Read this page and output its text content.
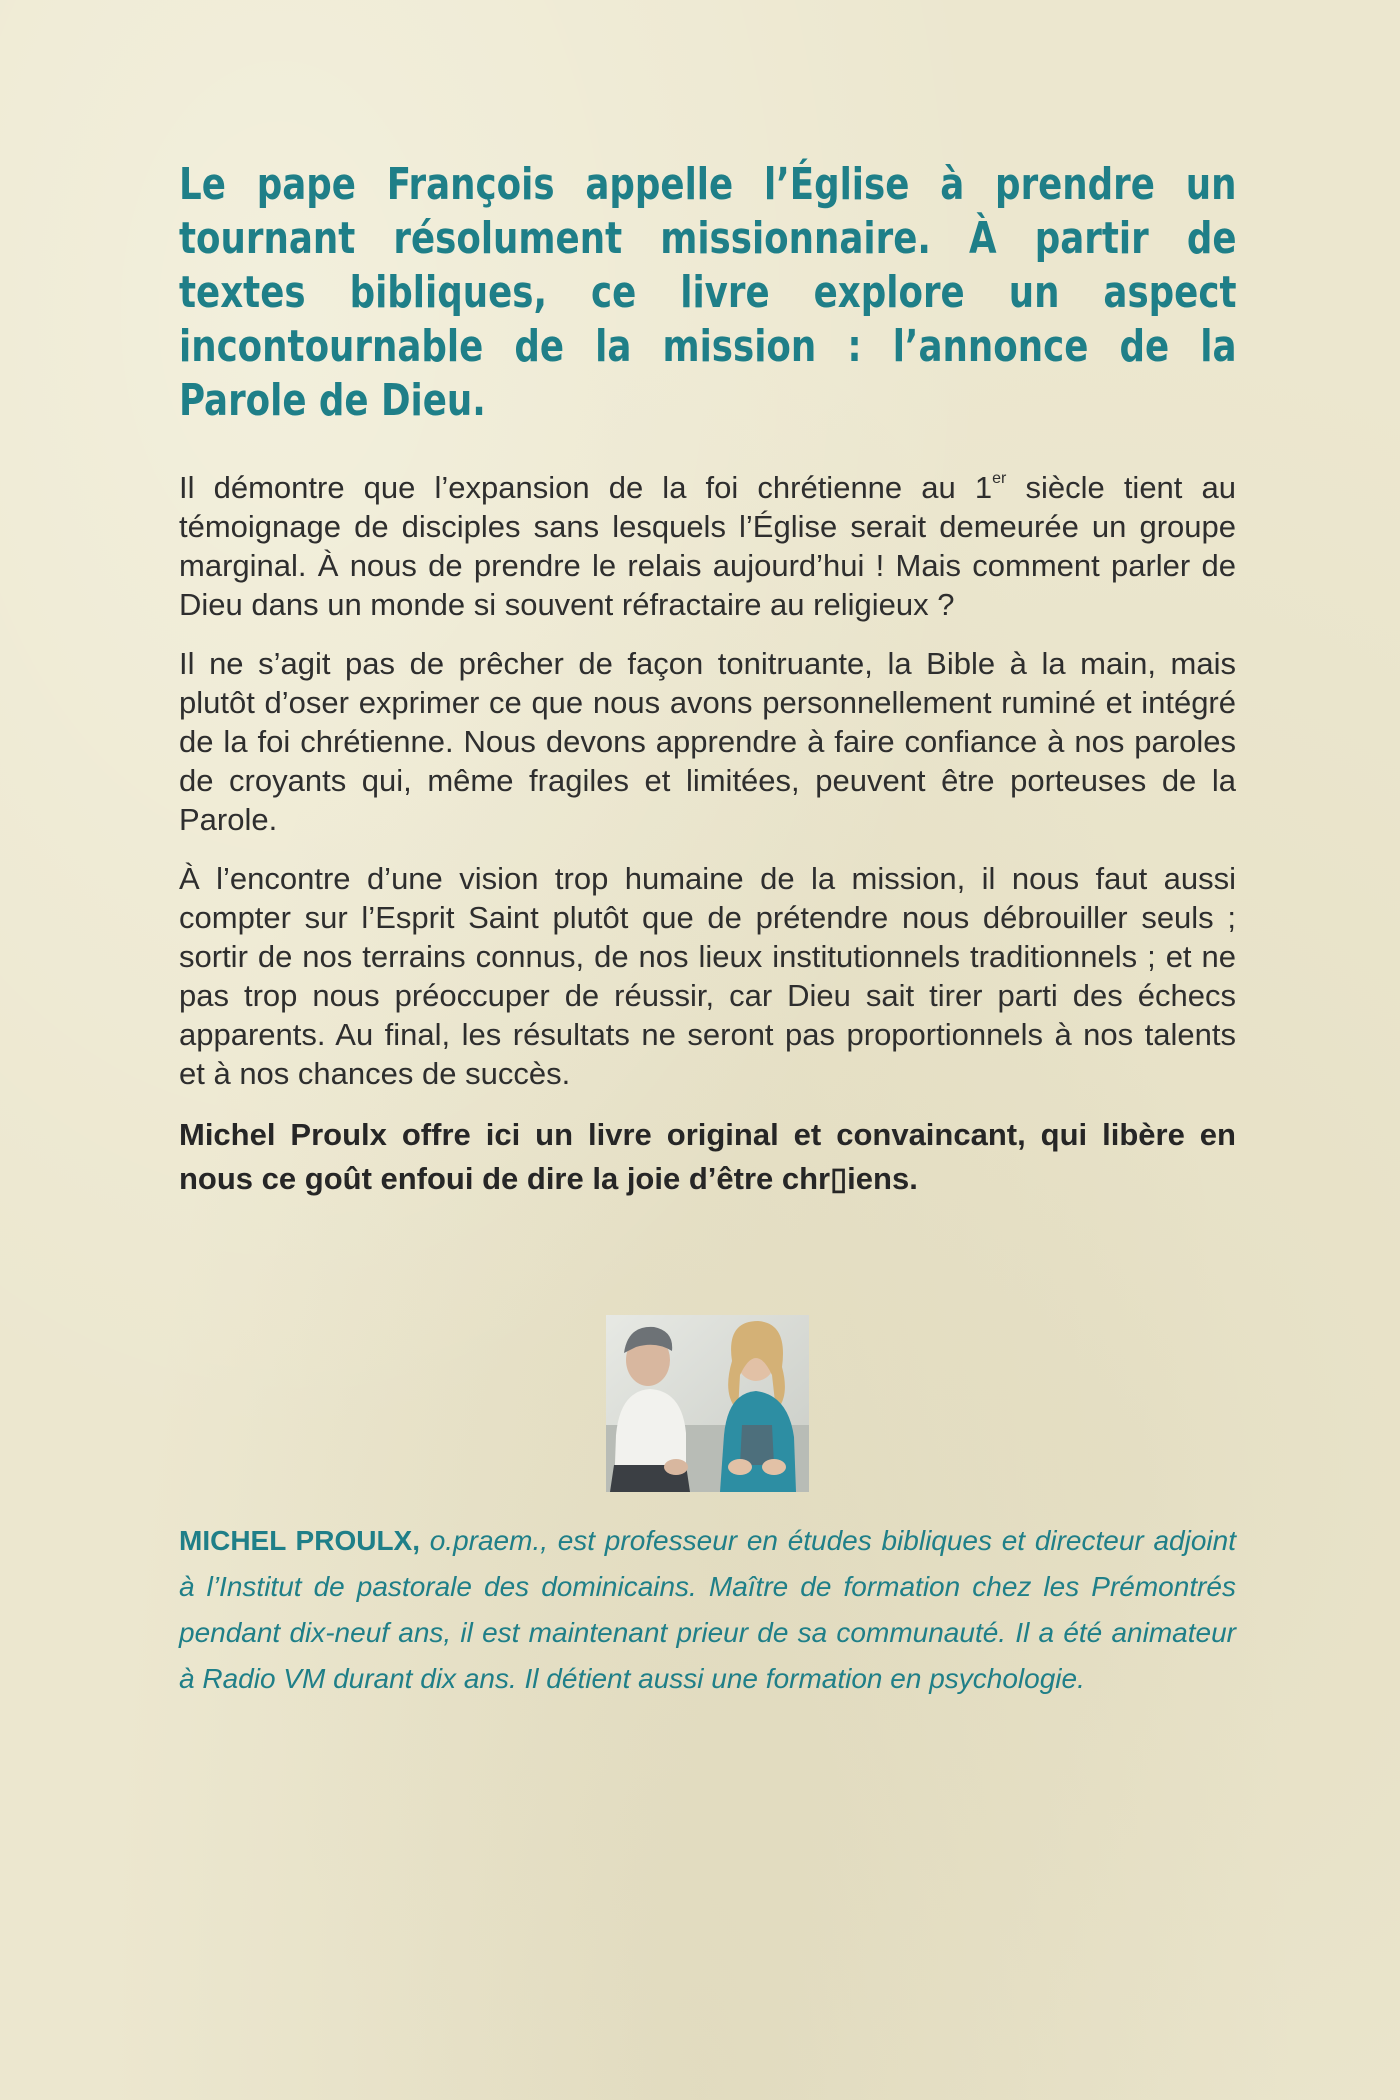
Le pape François appelle l’Église à prendre un tournant résolument missionnaire. À partir de textes bibliques, ce livre explore un aspect incontournable de la mission : l’annonce de la Parole de Dieu.

Il démontre que l’expansion de la foi chrétienne au 1er siècle tient au témoignage de disciples sans lesquels l’Église serait demeurée un groupe marginal. À nous de prendre le relais aujourd’hui ! Mais comment parler de Dieu dans un monde si souvent réfractaire au religieux ?

Il ne s’agit pas de prêcher de façon tonitruante, la Bible à la main, mais plutôt d’oser exprimer ce que nous avons personnellement ruminé et intégré de la foi chrétienne. Nous devons apprendre à faire confiance à nos paroles de croyants qui, même fragiles et limitées, peuvent être porteuses de la Parole.

À l’encontre d’une vision trop humaine de la mission, il nous faut aussi compter sur l’Esprit Saint plutôt que de prétendre nous débrouiller seuls ; sortir de nos terrains connus, de nos lieux institutionnels traditionnels ; et ne pas trop nous préoccuper de réussir, car Dieu sait tirer parti des échecs apparents. Au final, les résultats ne seront pas proportionnels à nos talents et à nos chances de succès.

Michel Proulx offre ici un livre original et convaincant, qui libère en nous ce goût enfoui de dire la joie d’être chr▯iens.

MICHEL PROULX, o.praem., est professeur en études bibliques et directeur adjoint à l’Institut de pastorale des dominicains. Maître de formation chez les Prémontrés pendant dix-neuf ans, il est maintenant prieur de sa communauté. Il a été animateur à Radio VM durant dix ans. Il détient aussi une formation en psychologie.
